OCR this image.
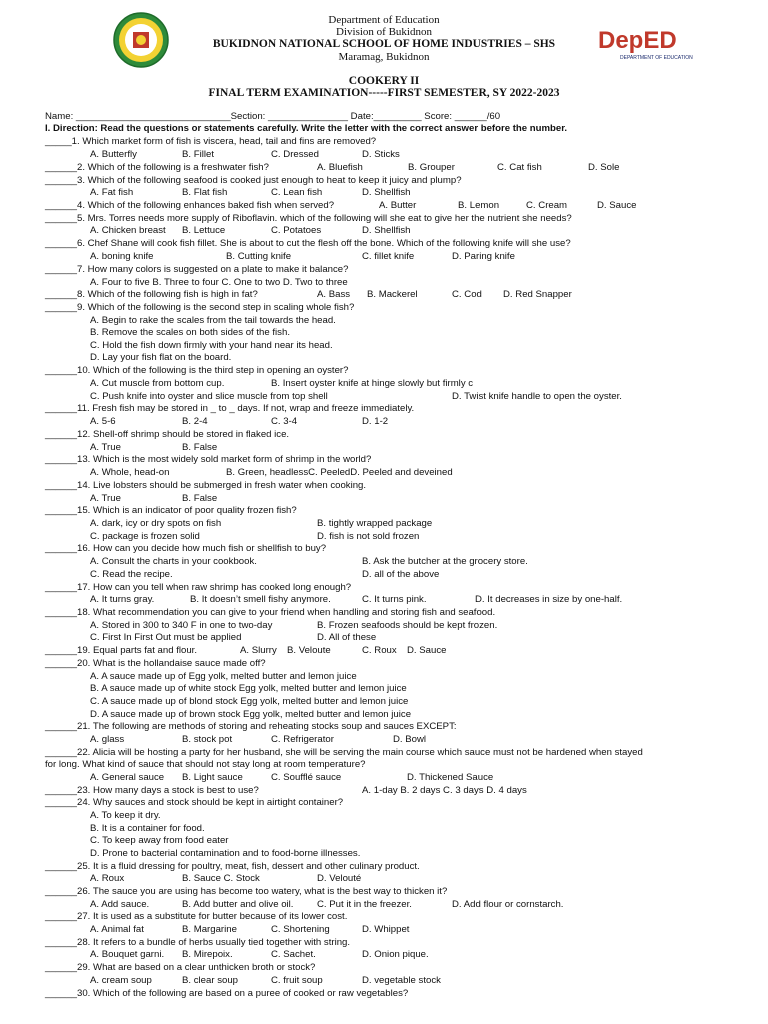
Department of Education
Division of Bukidnon
BUKIDNON NATIONAL SCHOOL OF HOME INDUSTRIES – SHS
Maramag, Bukidnon
DepED
DEPARTMENT OF EDUCATION
COOKERY II
FINAL TERM EXAMINATION-----FIRST SEMESTER, SY 2022-2023
Name: _____________________________Section: _______________ Date:_________ Score: ______/60
I. Direction: Read the questions or statements carefully. Write the letter with the correct answer before the number.
_____1. Which market form of fish is viscera, head, tail and fins are removed?
A. Butterfly	B. Fillet	C. Dressed	D. Sticks
______2. Which of the following is a freshwater fish?	A. Bluefish	B. Grouper	C. Cat fish	D. Sole
______3. Which of the following seafood is cooked just enough to heat to keep it juicy and plump?
A. Fat fish	B. Flat fish	C. Lean fish	D. Shellfish
______4. Which of the following enhances baked fish when served?	A. Butter	B. Lemon	C. Cream	D. Sauce
______5. Mrs. Torres needs more supply of Riboflavin. which of the following will she eat to give her the nutrient she needs?
A. Chicken breast B. Lettuce	C. Potatoes	D. Shellfish
______6. Chef Shane will cook fish fillet. She is about to cut the flesh off the bone. Which of the following knife will she use?
A. boning knife	B. Cutting knife	C. fillet knife	D. Paring knife
______7. How many colors is suggested on a plate to make it balance?
A. Four to five B. Three to four C. One to two D. Two to three
______8. Which of the following fish is high in fat?	A. Bass B. Mackerel	C. Cod D. Red Snapper
______9. Which of the following is the second step in scaling whole fish?
A. Begin to rake the scales from the tail towards the head.
B. Remove the scales on both sides of the fish.
C. Hold the fish down firmly with your hand near its head.
D. Lay your fish flat on the board.
______10. Which of the following is the third step in opening an oyster?
A. Cut muscle from bottom cup.	B. Insert oyster knife at hinge slowly but firmly c
C. Push knife into oyster and slice muscle from top shell	D. Twist knife handle to open the oyster.
______11. Fresh fish may be stored in _ to _ days. If not, wrap and freeze immediately.
A. 5-6	B. 2-4	C. 3-4	D. 1-2
______12. Shell-off shrimp should be stored in flaked ice.
A. True	B. False
______13. Which is the most widely sold market form of shrimp in the world?
A. Whole, head-on	B. Green, headlessC. PeeledD. Peeled and deveined
______14. Live lobsters should be submerged in fresh water when cooking.
A. True	B. False
______15. Which is an indicator of poor quality frozen fish?
A. dark, icy or dry spots on fish	B. tightly wrapped package
C. package is frozen solid	D. fish is not sold frozen
______16. How can you decide how much fish or shellfish to buy?
A. Consult the charts in your cookbook.	B. Ask the butcher at the grocery store.
C. Read the recipe.	D. all of the above
______17. How can you tell when raw shrimp has cooked long enough?
A. It turns gray.	B. It doesn’t smell fishy anymore.	C. It turns pink.	D. It decreases in size by one-half.
______18. What recommendation you can give to your friend when handling and storing fish and seafood.
A. Stored in 300 to 340 F in one to two-day	B. Frozen seafoods should be kept frozen.
C. First In First Out must be applied	D. All of these
______19. Equal parts fat and flour.	A. Slurry B. Veloute	C. Roux D. Sauce
______20. What is the hollandaise sauce made off?
A. A sauce made up of Egg yolk, melted butter and lemon juice
B. A sauce made up of white stock Egg yolk, melted butter and lemon juice
C. A sauce made up of blond stock Egg yolk, melted butter and lemon juice
D. A sauce made up of brown stock Egg yolk, melted butter and lemon juice
______21. The following are methods of storing and reheating stocks soup and sauces EXCEPT:
A. glass	B. stock pot	C. Refrigerator	D. Bowl
______22. Alicia will be hosting a party for her husband, she will be serving the main course which sauce must not be hardened when stayed
for long. What kind of sauce that should not stay long at room temperature?
A. General sauce B. Light sauce	C. Soufflé sauce	D. Thickened Sauce
______23. How many days a stock is best to use?	A. 1-day B. 2 days C. 3 days D. 4 days
______24. Why sauces and stock should be kept in airtight container?
A. To keep it dry.
B. It is a container for food.
C. To keep away from food eater
D. Prone to bacterial contamination and to food-borne illnesses.
______25. It is a fluid dressing for poultry, meat, fish, dessert and other culinary product.
A. Roux	B. Sauce C. Stock	D. Velouté
______26. The sauce you are using has become too watery, what is the best way to thicken it?
A. Add sauce.	B. Add butter and olive oil. C. Put it in the freezer.	D. Add flour or cornstarch.
______27. It is used as a substitute for butter because of its lower cost.
A. Animal fat	B. Margarine	C. Shortening	D. Whippet
______28. It refers to a bundle of herbs usually tied together with string.
A. Bouquet garni. B. Mirepoix.	C. Sachet.	D. Onion pique.
______29. What are based on a clear unthicken broth or stock?
A. cream soup	B. clear soup	C. fruit soup	D. vegetable stock
______30. Which of the following are based on a puree of cooked or raw vegetables?
